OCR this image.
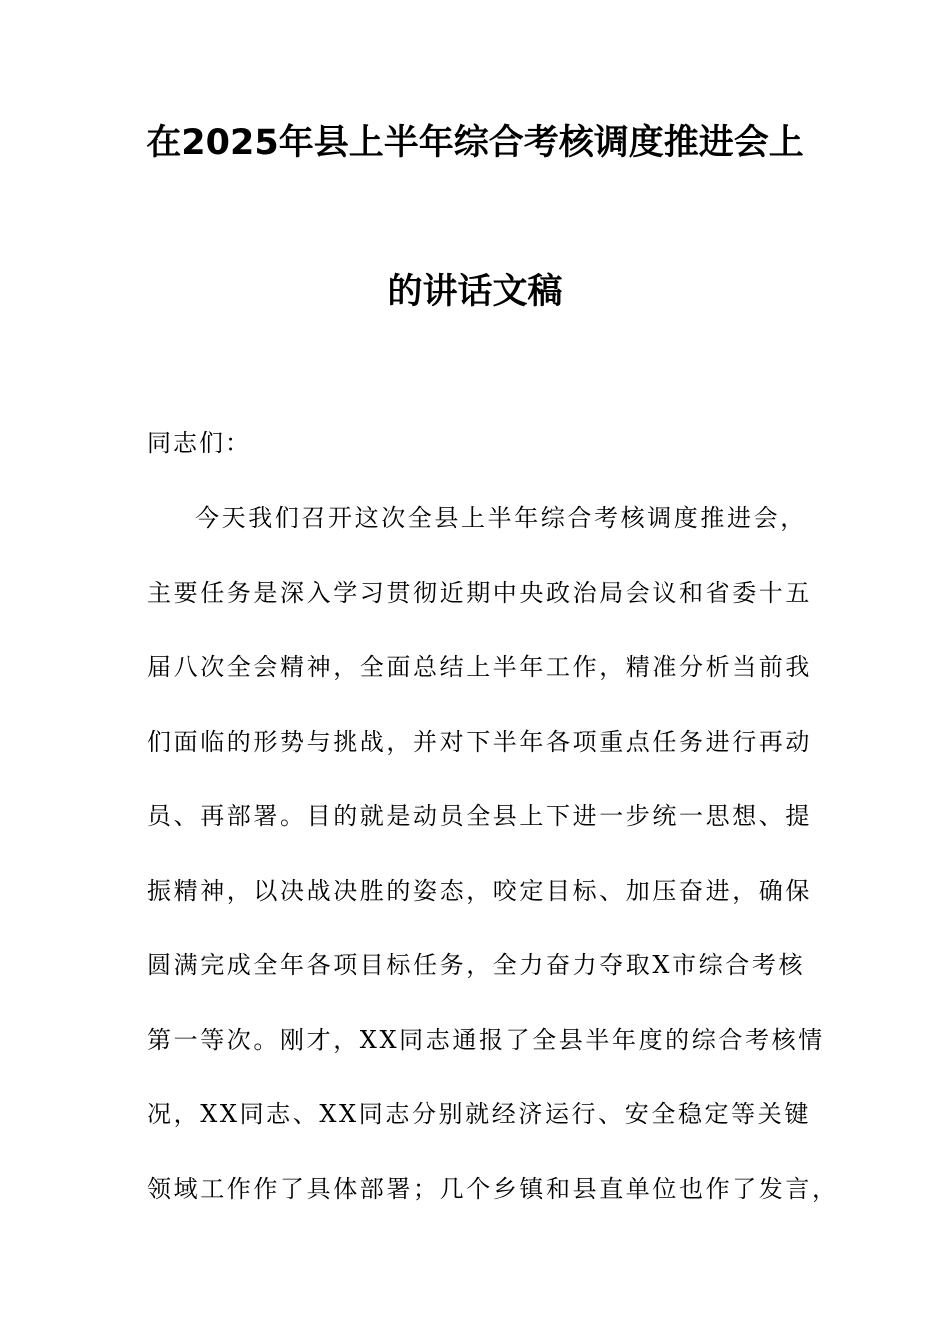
在2025年县上半年综合考核调度推进会上
的讲话文稿
同志们：
今天我们召开这次全县上半年综合考核调度推进会，
主要任务是深入学习贯彻近期中央政治局会议和省委十五
届八次全会精神，全面总结上半年工作，精准分析当前我
们面临的形势与挑战，并对下半年各项重点任务进行再动
员、再部署。目的就是动员全县上下进一步统一思想、提
振精神，以决战决胜的姿态，咬定目标、加压奋进，确保
圆满完成全年各项目标任务，全力奋力夺取X市综合考核
第一等次。刚才，XX同志通报了全县半年度的综合考核情
况，XX同志、XX同志分别就经济运行、安全稳定等关键
领域工作作了具体部署；几个乡镇和县直单位也作了发言，
